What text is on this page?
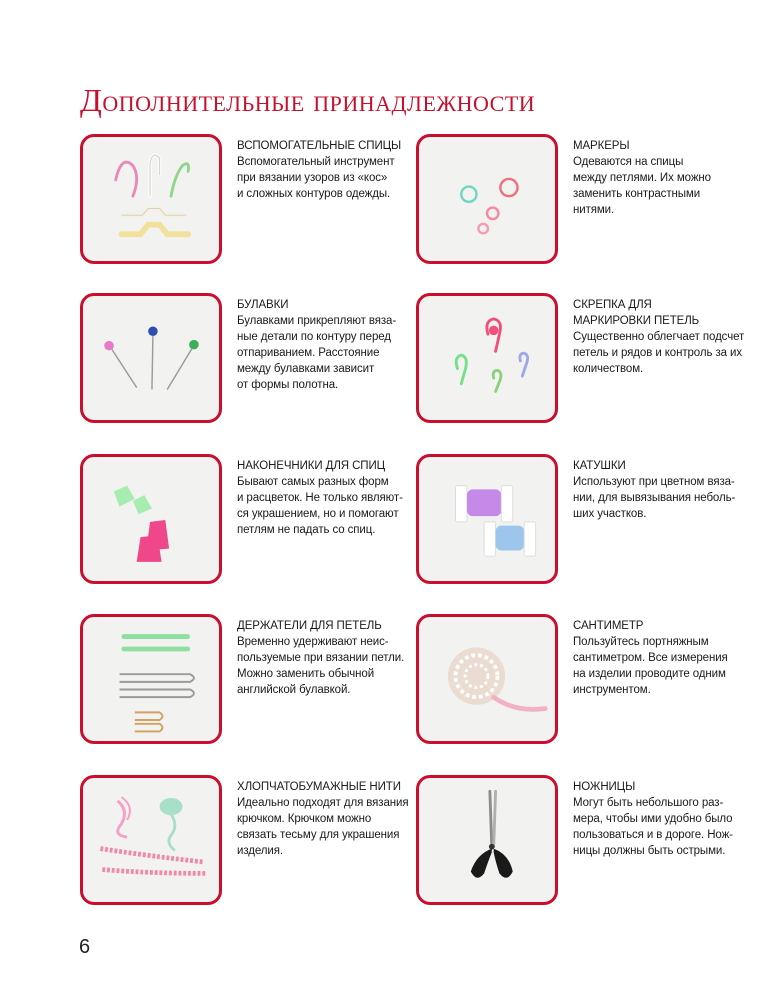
Дополнительные принадлежности
ВСПОМОГАТЕЛЬНЫЕ СПИЦЫ
Вспомогательный инструмент
при вязании узоров из «кос»
и сложных контуров одежды.
МАРКЕРЫ
Одеваются на спицы
между петлями. Их можно
заменить контрастными
нитями.
БУЛАВКИ
Булавками прикрепляют вяза-
ные детали по контуру перед
отпариванием. Расстояние
между булавками зависит
от формы полотна.
СКРЕПКА ДЛЯ
МАРКИРОВКИ ПЕТЕЛЬ
Существенно облегчает подсчет
петель и рядов и контроль за их
количеством.
НАКОНЕЧНИКИ ДЛЯ СПИЦ
Бывают самых разных форм
и расцветок. Не только являют-
ся украшением, но и помогают
петлям не падать со спиц.
КАТУШКИ
Используют при цветном вяза-
нии, для вывязывания неболь-
ших участков.
ДЕРЖАТЕЛИ ДЛЯ ПЕТЕЛЬ
Временно удерживают неис-
пользуемые при вязании петли.
Можно заменить обычной
английской булавкой.
САНТИМЕТР
Пользуйтесь портняжным
сантиметром. Все измерения
на изделии проводите одним
инструментом.
ХЛОПЧАТОБУМАЖНЫЕ НИТИ
Идеально подходят для вязания
крючком. Крючком можно
связать тесьму для украшения
изделия.
НОЖНИЦЫ
Могут быть небольшого раз-
мера, чтобы ими удобно было
пользоваться и в дороге. Нож-
ницы должны быть острыми.
6
